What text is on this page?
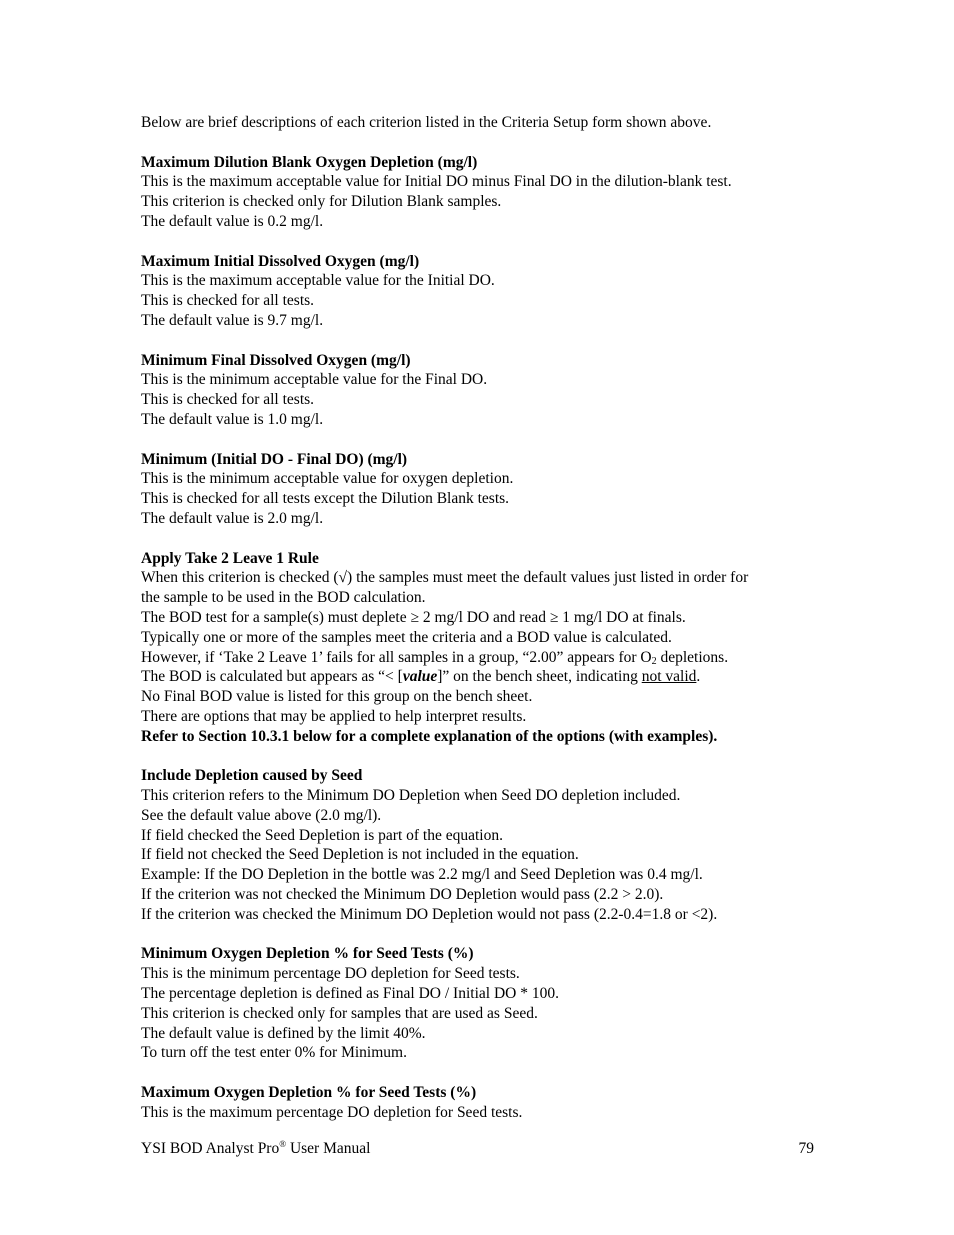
Below are brief descriptions of each criterion listed in the Criteria Setup form shown above.
Maximum Dilution Blank Oxygen Depletion (mg/l)
This is the maximum acceptable value for Initial DO minus Final DO in the dilution-blank test.
This criterion is checked only for Dilution Blank samples.
The default value is 0.2 mg/l.
Maximum Initial Dissolved Oxygen (mg/l)
This is the maximum acceptable value for the Initial DO.
This is checked for all tests.
The default value is 9.7 mg/l.
Minimum Final Dissolved Oxygen (mg/l)
This is the minimum acceptable value for the Final DO.
This is checked for all tests.
The default value is 1.0 mg/l.
Minimum (Initial DO - Final DO) (mg/l)
This is the minimum acceptable value for oxygen depletion.
This is checked for all tests except the Dilution Blank tests.
The default value is 2.0 mg/l.
Apply Take 2 Leave 1 Rule
When this criterion is checked (√) the samples must meet the default values just listed in order for
the sample to be used in the BOD calculation.
The BOD test for a sample(s) must deplete ≥ 2 mg/l DO and read ≥ 1 mg/l DO at finals.
Typically one or more of the samples meet the criteria and a BOD value is calculated.
However, if ‘Take 2 Leave 1’ fails for all samples in a group, “2.00” appears for $O_2$ depletions.
The BOD is calculated but appears as “< [value]” on the bench sheet, indicating not valid.
No Final BOD value is listed for this group on the bench sheet.
There are options that may be applied to help interpret results.
Refer to Section 10.3.1 below for a complete explanation of the options (with examples).
Include Depletion caused by Seed
This criterion refers to the Minimum DO Depletion when Seed DO depletion included.
See the default value above (2.0 mg/l).
If field checked the Seed Depletion is part of the equation.
If field not checked the Seed Depletion is not included in the equation.
Example: If the DO Depletion in the bottle was 2.2 mg/l and Seed Depletion was 0.4 mg/l.
If the criterion was not checked the Minimum DO Depletion would pass (2.2 > 2.0).
If the criterion was checked the Minimum DO Depletion would not pass (2.2-0.4=1.8 or <2).
Minimum Oxygen Depletion % for Seed Tests (%)
This is the minimum percentage DO depletion for Seed tests.
The percentage depletion is defined as Final DO / Initial DO * 100.
This criterion is checked only for samples that are used as Seed.
The default value is defined by the limit 40%.
To turn off the test enter 0% for Minimum.
Maximum Oxygen Depletion % for Seed Tests (%)
This is the maximum percentage DO depletion for Seed tests.
YSI BOD Analyst Pro® User Manual	79
